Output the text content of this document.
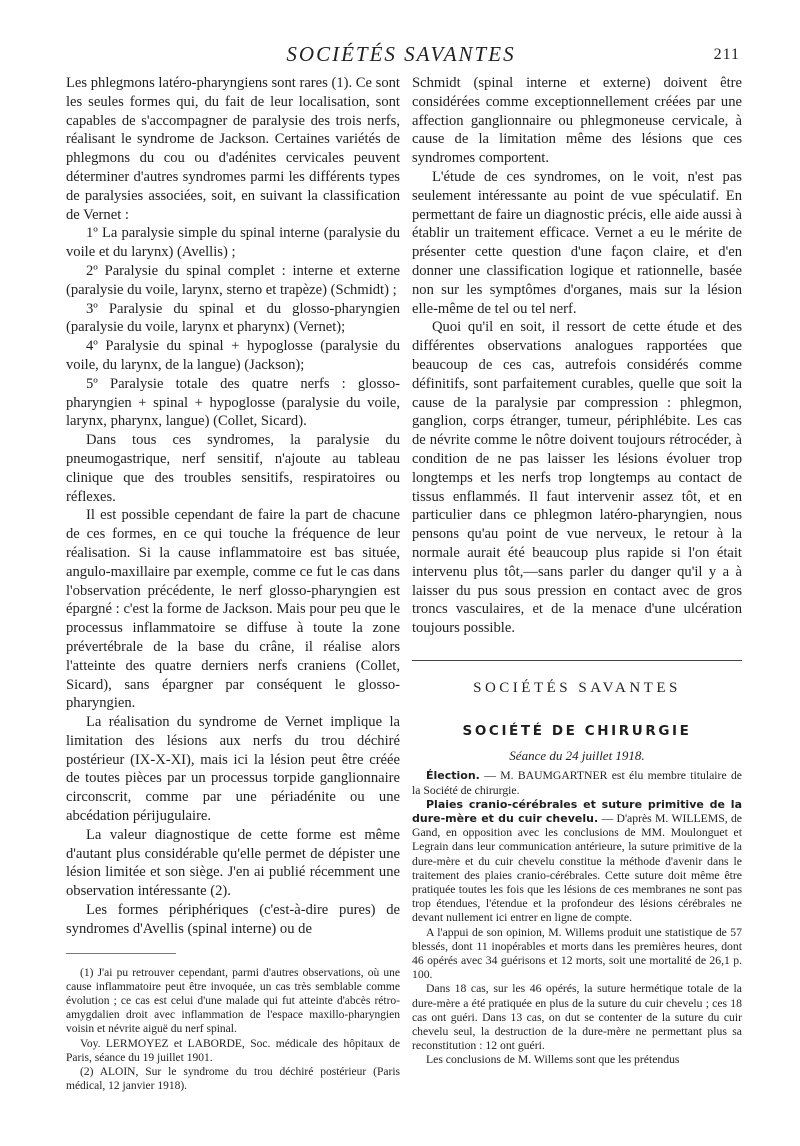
SOCIÉTÉS SAVANTES	211

Les phlegmons latéro-pharyngiens sont rares (1). Ce sont les seules formes qui, du fait de leur localisation, sont capables de s'accompagner de paralysie des trois nerfs, réalisant le syndrome de Jackson. Certaines variétés de phlegmons du cou ou d'adénites cervicales peuvent déterminer d'autres syndromes parmi les différents types de paralysies associées, soit, en suivant la classification de Vernet :

1º La paralysie simple du spinal interne (paralysie du voile et du larynx) (Avellis) ;

2º Paralysie du spinal complet : interne et externe (paralysie du voile, larynx, sterno et trapèze) (Schmidt) ;

3º Paralysie du spinal et du glosso-pharyngien (paralysie du voile, larynx et pharynx) (Vernet);

4º Paralysie du spinal + hypoglosse (paralysie du voile, du larynx, de la langue) (Jackson);

5º Paralysie totale des quatre nerfs : glosso-pharyngien + spinal + hypoglosse (paralysie du voile, larynx, pharynx, langue) (Collet, Sicard).

Dans tous ces syndromes, la paralysie du pneumogastrique, nerf sensitif, n'ajoute au tableau clinique que des troubles sensitifs, respiratoires ou réflexes.

Il est possible cependant de faire la part de chacune de ces formes, en ce qui touche la fréquence de leur réalisation. Si la cause inflammatoire est bas située, angulo-maxillaire par exemple, comme ce fut le cas dans l'observation précédente, le nerf glosso-pharyngien est épargné : c'est la forme de Jackson. Mais pour peu que le processus inflammatoire se diffuse à toute la zone prévertébrale de la base du crâne, il réalise alors l'atteinte des quatre derniers nerfs craniens (Collet, Sicard), sans épargner par conséquent le glosso-pharyngien.

La réalisation du syndrome de Vernet implique la limitation des lésions aux nerfs du trou déchiré postérieur (IX-X-XI), mais ici la lésion peut être créée de toutes pièces par un processus torpide ganglionnaire circonscrit, comme par une périadénite ou une abcédation périjugulaire.

La valeur diagnostique de cette forme est même d'autant plus considérable qu'elle permet de dépister une lésion limitée et son siège. J'en ai publié récemment une observation intéressante (2).

Les formes périphériques (c'est-à-dire pures) de syndromes d'Avellis (spinal interne) ou de

(1) J'ai pu retrouver cependant, parmi d'autres observations, où une cause inflammatoire peut être invoquée, un cas très semblable comme évolution ; ce cas est celui d'une malade qui fut atteinte d'abcès rétro-amygdalien droit avec inflammation de l'espace maxillo-pharyngien voisin et névrite aiguë du nerf spinal.

Voy. LERMOYEZ et LABORDE, Soc. médicale des hôpitaux de Paris, séance du 19 juillet 1901.

(2) ALOIN, Sur le syndrome du trou déchiré postérieur (Paris médical, 12 janvier 1918).

Schmidt (spinal interne et externe) doivent être considérées comme exceptionnellement créées par une affection ganglionnaire ou phlegmoneuse cervicale, à cause de la limitation même des lésions que ces syndromes comportent.

L'étude de ces syndromes, on le voit, n'est pas seulement intéressante au point de vue spéculatif. En permettant de faire un diagnostic précis, elle aide aussi à établir un traitement efficace. Vernet a eu le mérite de présenter cette question d'une façon claire, et d'en donner une classification logique et rationnelle, basée non sur les symptômes d'organes, mais sur la lésion elle-même de tel ou tel nerf.

Quoi qu'il en soit, il ressort de cette étude et des différentes observations analogues rapportées que beaucoup de ces cas, autrefois considérés comme définitifs, sont parfaitement curables, quelle que soit la cause de la paralysie par compression : phlegmon, ganglion, corps étranger, tumeur, périphlébite. Les cas de névrite comme le nôtre doivent toujours rétrocéder, à condition de ne pas laisser les lésions évoluer trop longtemps et les nerfs trop longtemps au contact de tissus enflammés. Il faut intervenir assez tôt, et en particulier dans ce phlegmon latéro-pharyngien, nous pensons qu'au point de vue nerveux, le retour à la normale aurait été beaucoup plus rapide si l'on était intervenu plus tôt,—sans parler du danger qu'il y a à laisser du pus sous pression en contact avec de gros troncs vasculaires, et de la menace d'une ulcération toujours possible.

SOCIÉTÉS SAVANTES
SOCIÉTÉ DE CHIRURGIE
Séance du 24 juillet 1918.

Élection. — M. BAUMGARTNER est élu membre titulaire de la Société de chirurgie.

Plaies cranio-cérébrales et suture primitive de la dure-mère et du cuir chevelu. — D'après M. WILLEMS, de Gand, en opposition avec les conclusions de MM. Moulonguet et Legrain dans leur communication antérieure, la suture primitive de la dure-mère et du cuir chevelu constitue la méthode d'avenir dans le traitement des plaies cranio-cérébrales. Cette suture doit même être pratiquée toutes les fois que les lésions de ces membranes ne sont pas trop étendues, l'étendue et la profondeur des lésions cérébrales ne devant nullement ici entrer en ligne de compte.

A l'appui de son opinion, M. Willems produit une statistique de 57 blessés, dont 11 inopérables et morts dans les premières heures, dont 46 opérés avec 34 guérisons et 12 morts, soit une mortalité de 26,1 p. 100.

Dans 18 cas, sur les 46 opérés, la suture hermétique totale de la dure-mère a été pratiquée en plus de la suture du cuir chevelu ; ces 18 cas ont guéri. Dans 13 cas, on dut se contenter de la suture du cuir chevelu seul, la destruction de la dure-mère ne permettant plus sa reconstitution : 12 ont guéri.

Les conclusions de M. Willems sont que les prétendus
